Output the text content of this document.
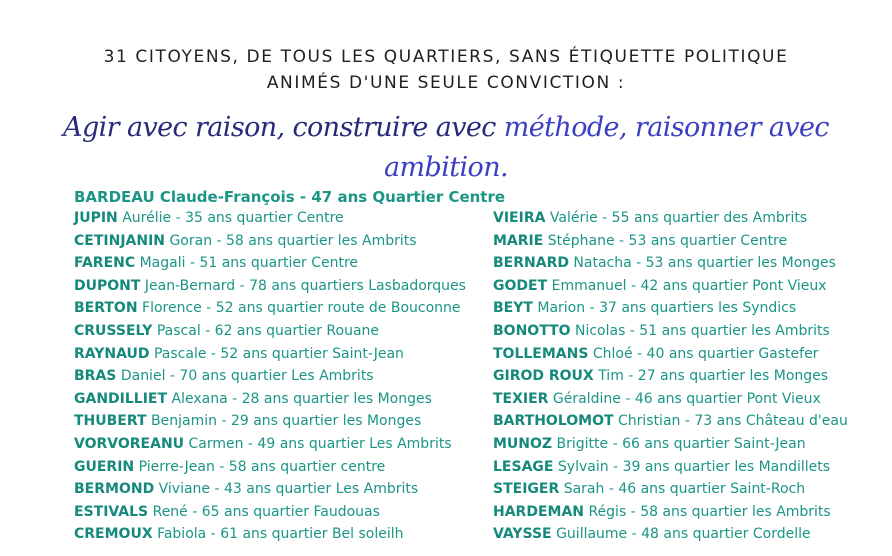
31 CITOYENS, DE TOUS LES QUARTIERS, SANS ÉTIQUETTE POLITIQUE
ANIMÉS D'UNE SEULE CONVICTION :
Agir avec raison, construire avec méthode, raisonner avec ambition.
BARDEAU Claude-François - 47 ans Quartier Centre
JUPIN Aurélie - 35 ans quartier Centre
CETINJANIN Goran - 58 ans quartier les Ambrits
FARENC Magali - 51 ans quartier Centre
DUPONT Jean-Bernard - 78 ans quartiers Lasbadorques
BERTON Florence - 52 ans quartier route de Bouconne
CRUSSELY Pascal - 62 ans quartier Rouane
RAYNAUD Pascale - 52 ans quartier Saint-Jean
BRAS Daniel - 70 ans quartier Les Ambrits
GANDILLIET Alexana - 28 ans quartier les Monges
THUBERT Benjamin - 29 ans quartier les Monges
VORVOREANU Carmen - 49 ans quartier Les Ambrits
GUERIN Pierre-Jean - 58 ans quartier centre
BERMOND Viviane - 43 ans quartier Les Ambrits
ESTIVALS René - 65 ans quartier Faudouas
CREMOUX Fabiola - 61 ans quartier Bel soleilh
VIEIRA Valérie - 55 ans quartier des Ambrits
MARIE Stéphane - 53 ans quartier Centre
BERNARD Natacha - 53 ans quartier les Monges
GODET Emmanuel - 42 ans quartier Pont Vieux
BEYT Marion - 37 ans quartiers les Syndics
BONOTTO Nicolas - 51 ans quartier les Ambrits
TOLLEMANS Chloé - 40 ans quartier Gastefer
GIROD ROUX Tim - 27 ans quartier les Monges
TEXIER Géraldine - 46 ans quartier Pont Vieux
BARTHOLOMOT Christian - 73 ans Château d'eau
MUNOZ Brigitte - 66 ans quartier Saint-Jean
LESAGE Sylvain - 39 ans quartier les Mandillets
STEIGER Sarah - 46 ans quartier Saint-Roch
HARDEMAN Régis - 58 ans quartier les Ambrits
VAYSSE Guillaume - 48 ans quartier Cordelle
